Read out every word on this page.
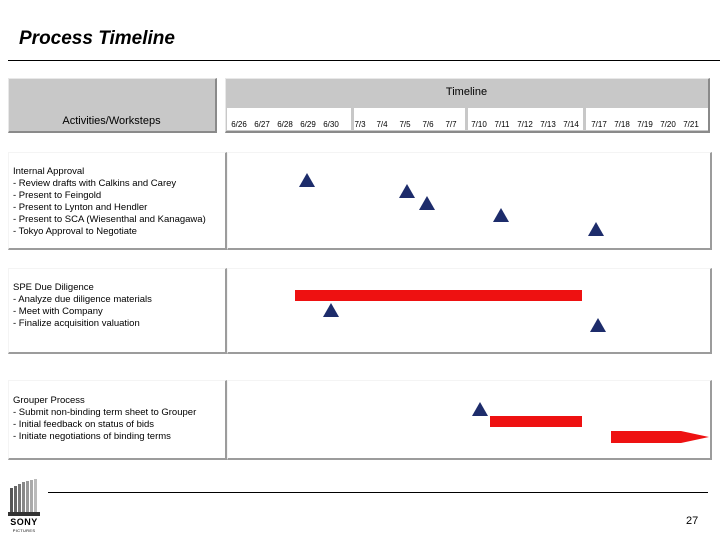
Process Timeline
Activities/Worksteps
Timeline
6/26 6/27 6/28 6/29 6/30	7/3	7/4	7/5	7/6	7/7	7/10 7/11 7/12 7/13 7/14	7/17 7/18 7/19 7/20 7/21
Internal Approval
- Review drafts with Calkins and Carey
- Present to Feingold
- Present to Lynton and Hendler
- Present to SCA (Wiesenthal and Kanagawa)
- Tokyo Approval to Negotiate
SPE Due Diligence
- Analyze due diligence materials
- Meet with Company
- Finalize acquisition valuation
Grouper Process
- Submit non-binding term sheet to Grouper
- Initial feedback on status of bids
- Initiate negotiations of binding terms
SONY
PICTURES
27
